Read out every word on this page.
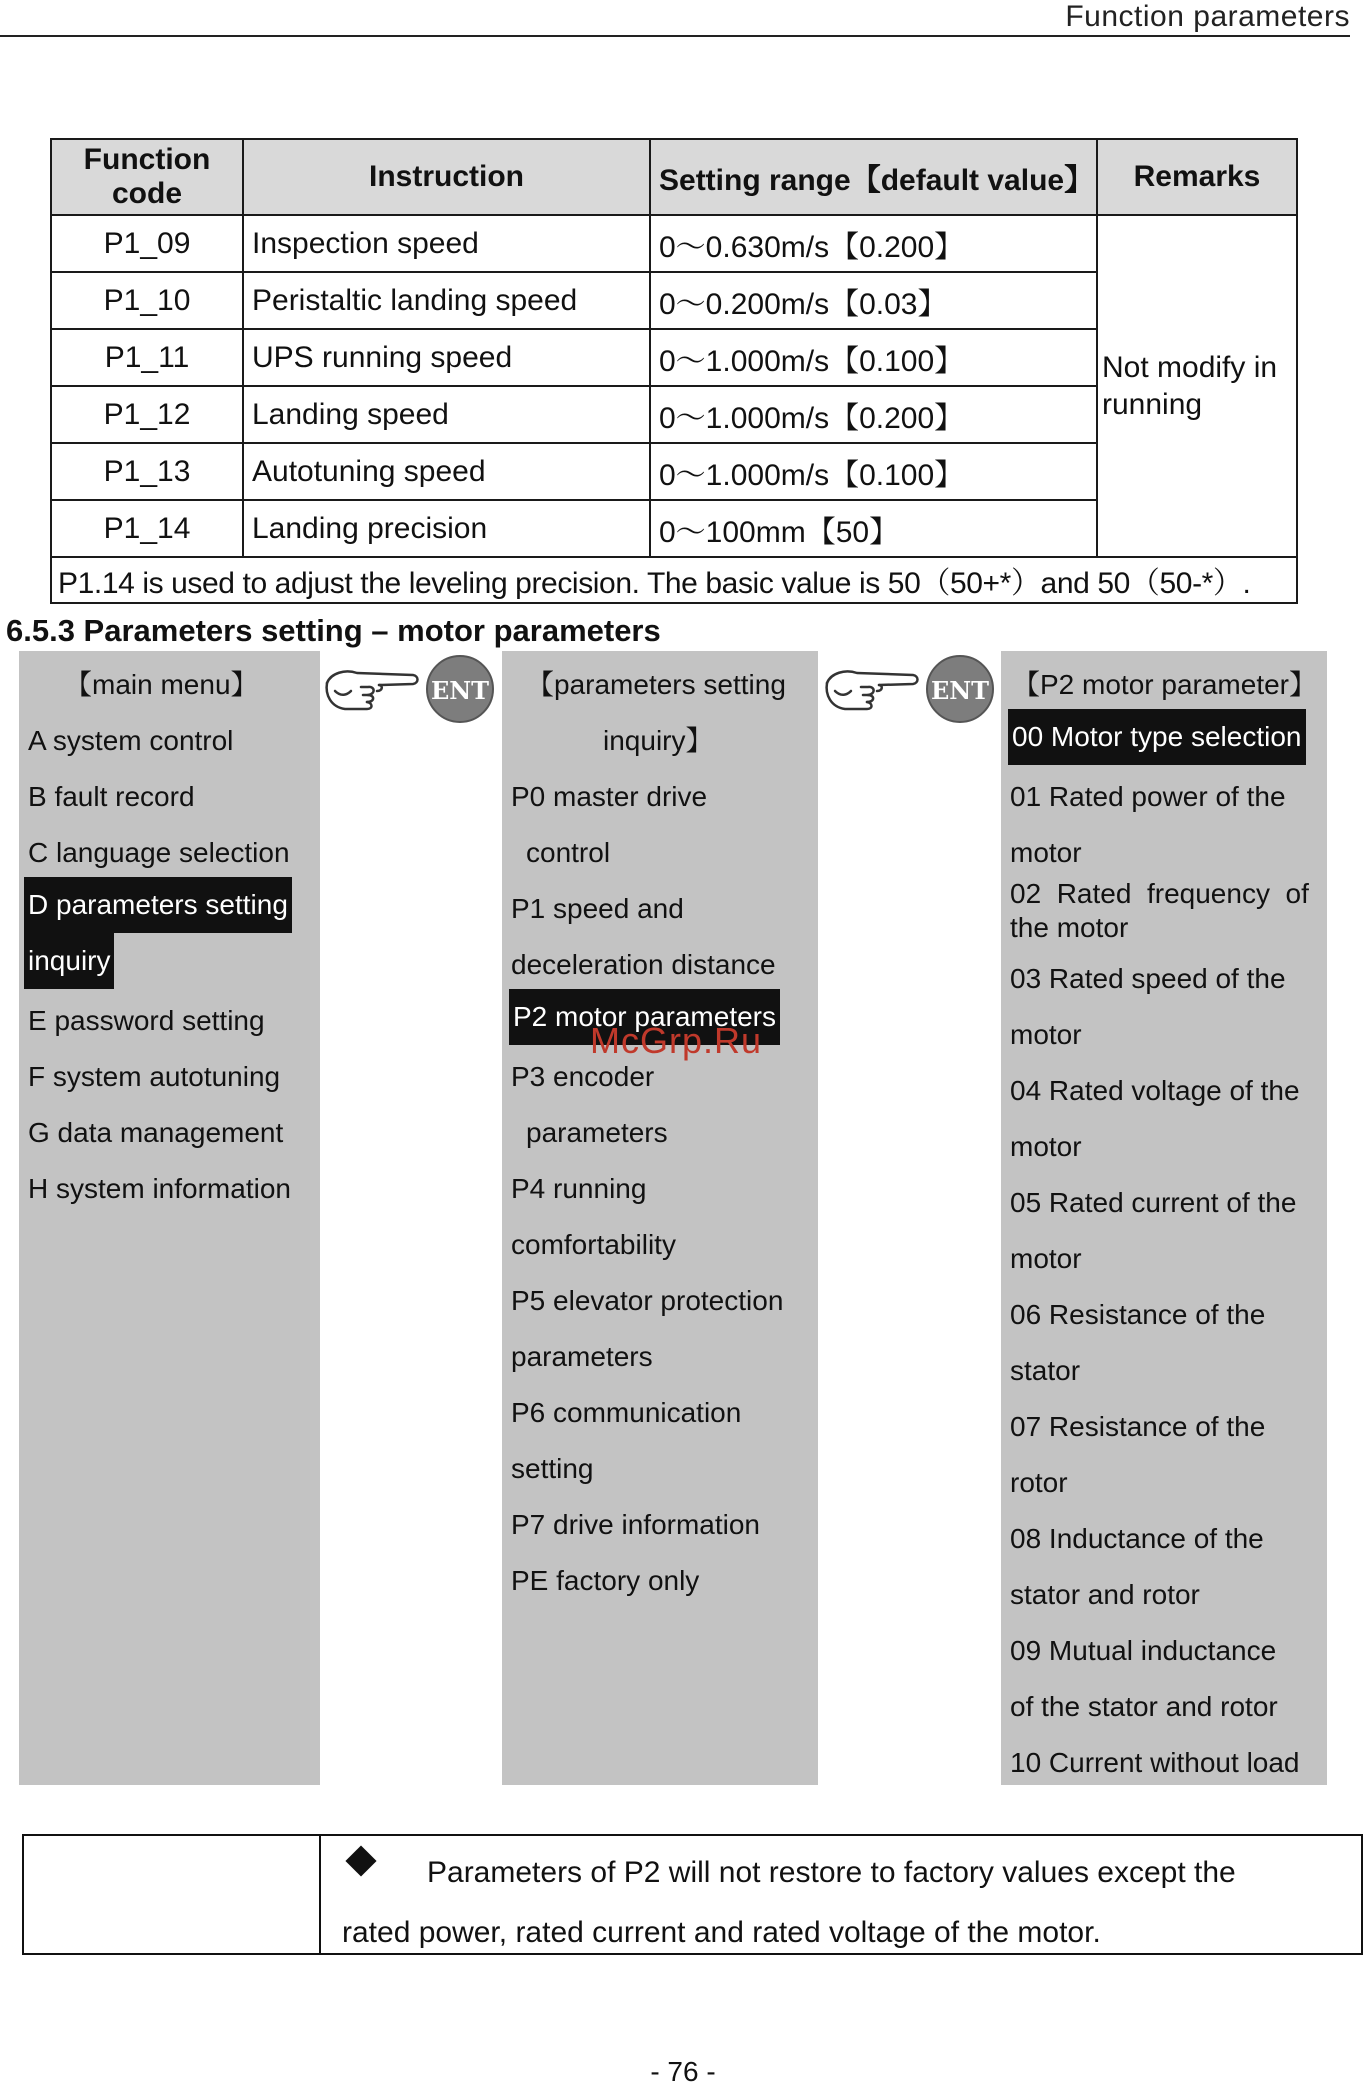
Function parameters
Function code	Instruction	Setting range【default value】	Remarks
P1_09	Inspection speed	0～0.630m/s【0.200】	Not modify in running
P1_10	Peristaltic landing speed	0～0.200m/s【0.03】	
P1_11	UPS running speed	0～1.000m/s【0.100】	
P1_12	Landing speed	0～1.000m/s【0.200】	
P1_13	Autotuning speed	0～1.000m/s【0.100】	
P1_14	Landing precision	0～100mm【50】	
P1.14 is used to adjust the leveling precision. The basic value is 50（50+*）and 50（50-*）.			
6.5.3 Parameters setting – motor parameters
【main menu】
A system control
B fault record
C language selection
D parameters setting
inquiry
E password setting
F system autotuning
G data management
H system information
ENT 【parameters setting
inquiry】
P0 master drive
control
P1 speed and
deceleration distance
P2 motor parameters
P3 encoder
parameters
P4 running
comfortability
P5 elevator protection
parameters
P6 communication
setting
P7 drive information
PE factory only
ENT 【P2 motor parameter】
00 Motor type selection
01 Rated power of the
motor
02  Rated  frequency  of
the motor
03 Rated speed of the
motor
04 Rated voltage of the
motor
05 Rated current of the
motor
06 Resistance of the
stator
07 Resistance of the
rotor
08 Inductance of the
stator and rotor
09 Mutual inductance
of the stator and rotor
10 Current without load
McGrp.Ru
Parameters of P2 will not restore to factory values except the
rated power, rated current and rated voltage of the motor.
- 76 -
